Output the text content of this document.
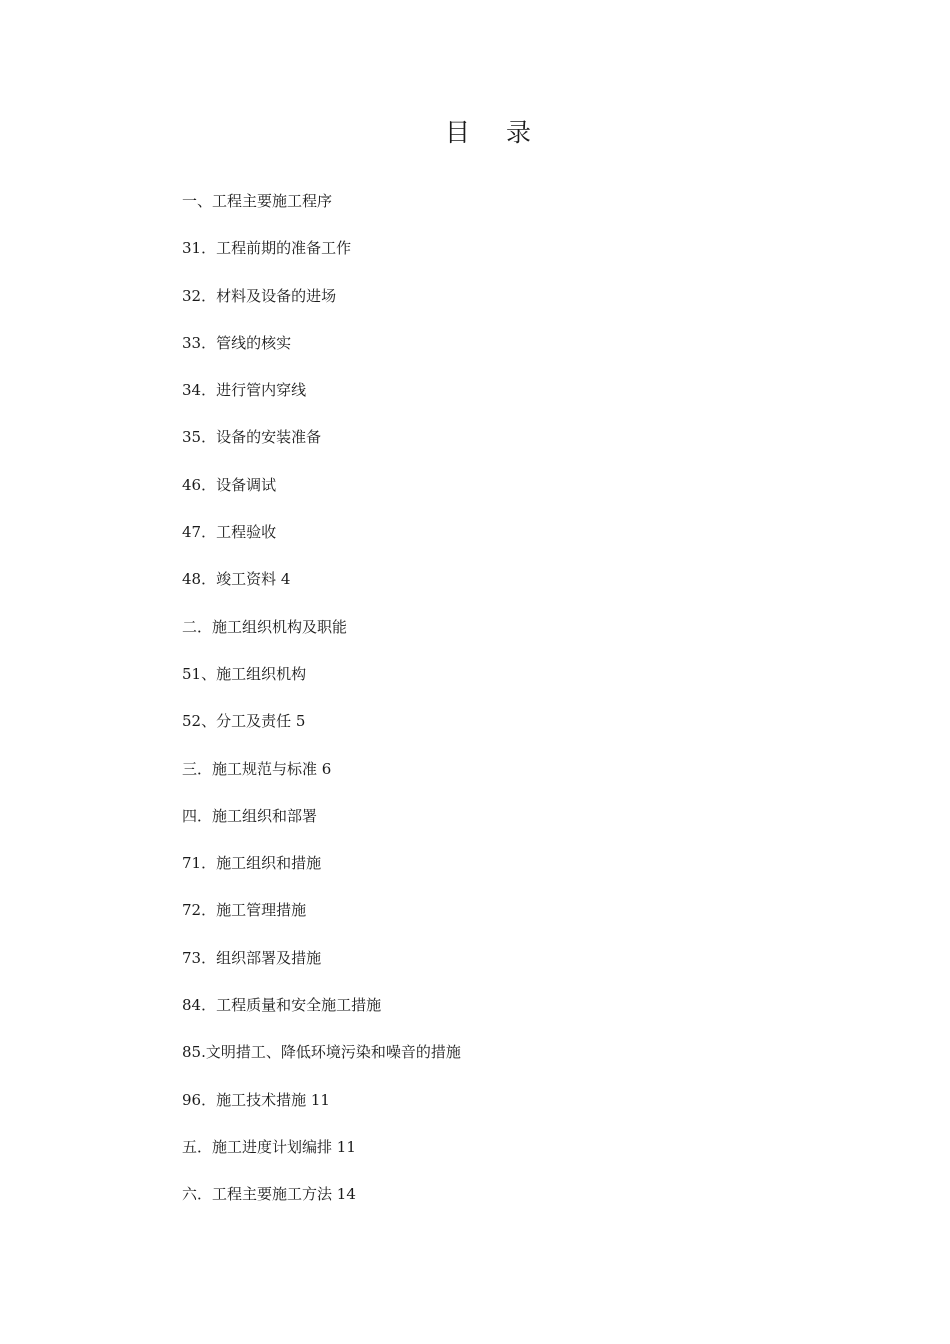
目 录
一、工程主要施工程序
31．工程前期的准备工作
32．材料及设备的进场
33．管线的核实
34．进行管内穿线
35．设备的安装准备
46．设备调试
47．工程验收
48．竣工资料 4
二．施工组织机构及职能
51、施工组织机构
52、分工及责任 5
三．施工规范与标准 6
四．施工组织和部署
71．施工组织和措施
72．施工管理措施
73．组织部署及措施
84．工程质量和安全施工措施
85.文明措工、降低环境污染和噪音的措施
96．施工技术措施 11
五．施工进度计划编排 11
六．工程主要施工方法 14
